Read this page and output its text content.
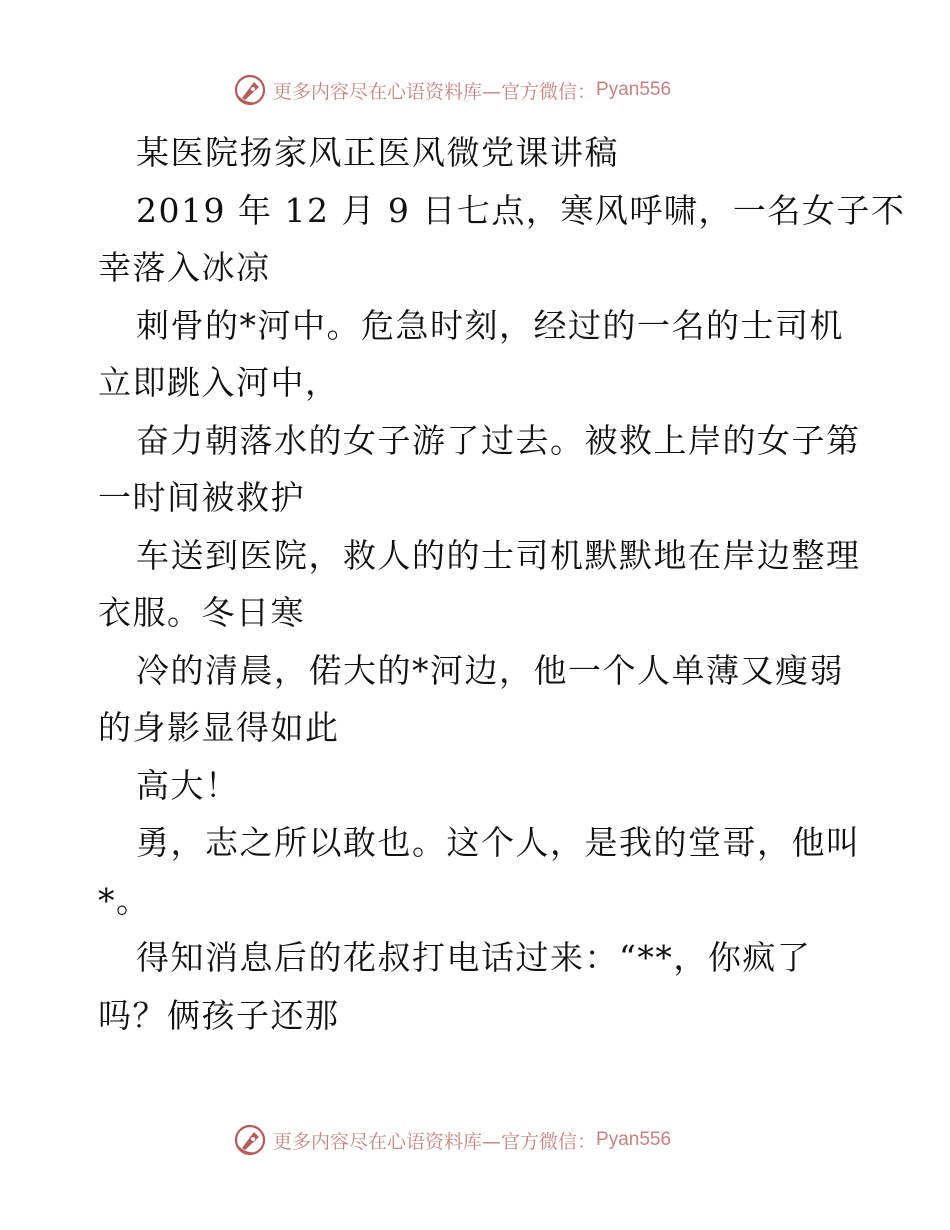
更多内容尽在心语资料库—官方微信： Pyan556
某医院扬家风正医风微党课讲稿
2019 年 12 月 9 日七点，寒风呼啸，一名女子不
幸落入冰凉
刺骨的*河中。危急时刻，经过的一名的士司机
立即跳入河中，
奋力朝落水的女子游了过去。被救上岸的女子第
一时间被救护
车送到医院，救人的的士司机默默地在岸边整理
衣服。冬日寒
冷的清晨，偌大的*河边，他一个人单薄又瘦弱
的身影显得如此
高大！
勇，志之所以敢也。这个人，是我的堂哥，他叫
*。
得知消息后的花叔打电话过来：“**，你疯了
吗？俩孩子还那
更多内容尽在心语资料库—官方微信： Pyan556
